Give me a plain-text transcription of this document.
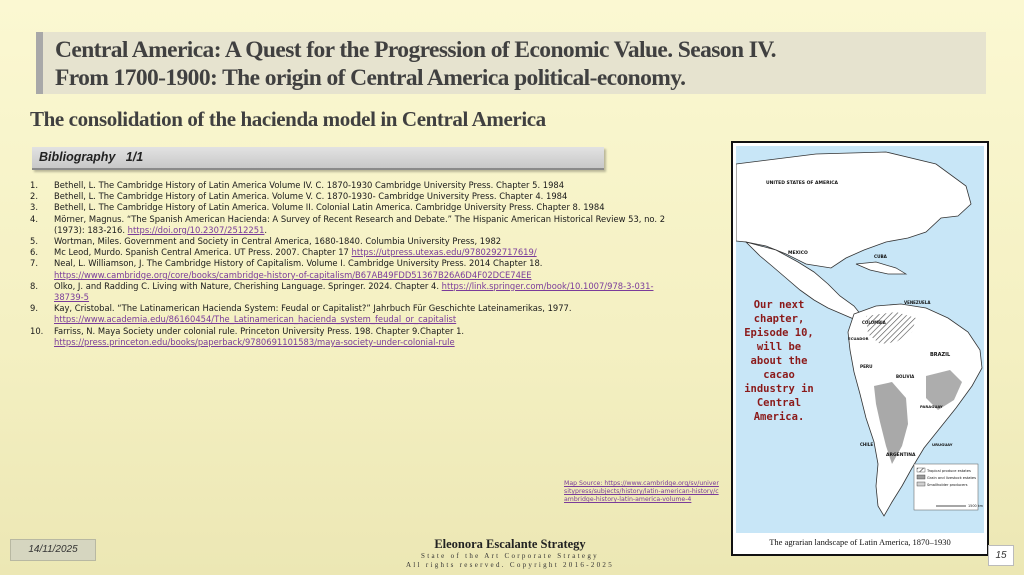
Central America: A Quest for the Progression of Economic Value. Season IV.
From 1700-1900: The origin of Central America political-economy.
The consolidation of the hacienda model in Central America
Bibliography   1/1
1. Bethell, L. The Cambridge History of Latin America Volume IV. C. 1870-1930 Cambridge University Press. Chapter 5. 1984
2. Bethell, L. The Cambridge History of Latin America. Volume V. C. 1870-1930- Cambridge University Press. Chapter 4. 1984
3. Bethell, L. The Cambridge History of Latin America. Volume II. Colonial Latin America. Cambridge University Press. Chapter 8. 1984
4. Mörner, Magnus. “The Spanish American Hacienda: A Survey of Recent Research and Debate.” The Hispanic American Historical Review 53, no. 2 (1973): 183-216. https://doi.org/10.2307/2512251.
5. Wortman, Miles. Government and Society in Central America, 1680-1840. Columbia University Press, 1982
6. Mc Leod, Murdo. Spanish Central America. UT Press. 2007. Chapter 17 https://utpress.utexas.edu/9780292717619/
7. Neal, L. Williamson, J. The Cambridge History of Capitalism. Volume I. Cambridge University Press. 2014 Chapter 18. https://www.cambridge.org/core/books/cambridge-history-of-capitalism/B67AB49FDD51367B26A6D4F02DCE74EE
8. Olko, J. and Radding C. Living with Nature, Cherishing Language. Springer. 2024. Chapter 4. https://link.springer.com/book/10.1007/978-3-031-38739-5
9. Kay, Cristobal. “The Latinamerican Hacienda System: Feudal or Capitalist?” Jahrbuch Für Geschichte Lateinamerikas, 1977. https://www.academia.edu/86160454/The_Latinamerican_hacienda_system_feudal_or_capitalist
10. Farriss, N. Maya Society under colonial rule. Princeton University Press. 198. Chapter 9.Chapter 1. https://press.princeton.edu/books/paperback/9780691101583/maya-society-under-colonial-rule
Tropical produce estates
Grain and livestock estates
Smallholder producers
1500 km
UNITED STATES OF AMERICA
MEXICO
CUBA
VENEZUELA
COLOMBIA
ECUADOR
PERU
BRAZIL
BOLIVIA
PARAGUAY
ARGENTINA
URUGUAY
CHILE
The agrarian landscape of Latin America, 1870–1930
Our next chapter, Episode 10, will be about the cacao industry in Central America.
Map Source: https://www.cambridge.org/sv/universitypress/subjects/history/latin-american-history/cambridge-history-latin-america-volume-4
14/11/2025	Eleonora Escalante Strategy
State of the Art Corporate Strategy
All rights reserved. Copyright 2016-2025
15
